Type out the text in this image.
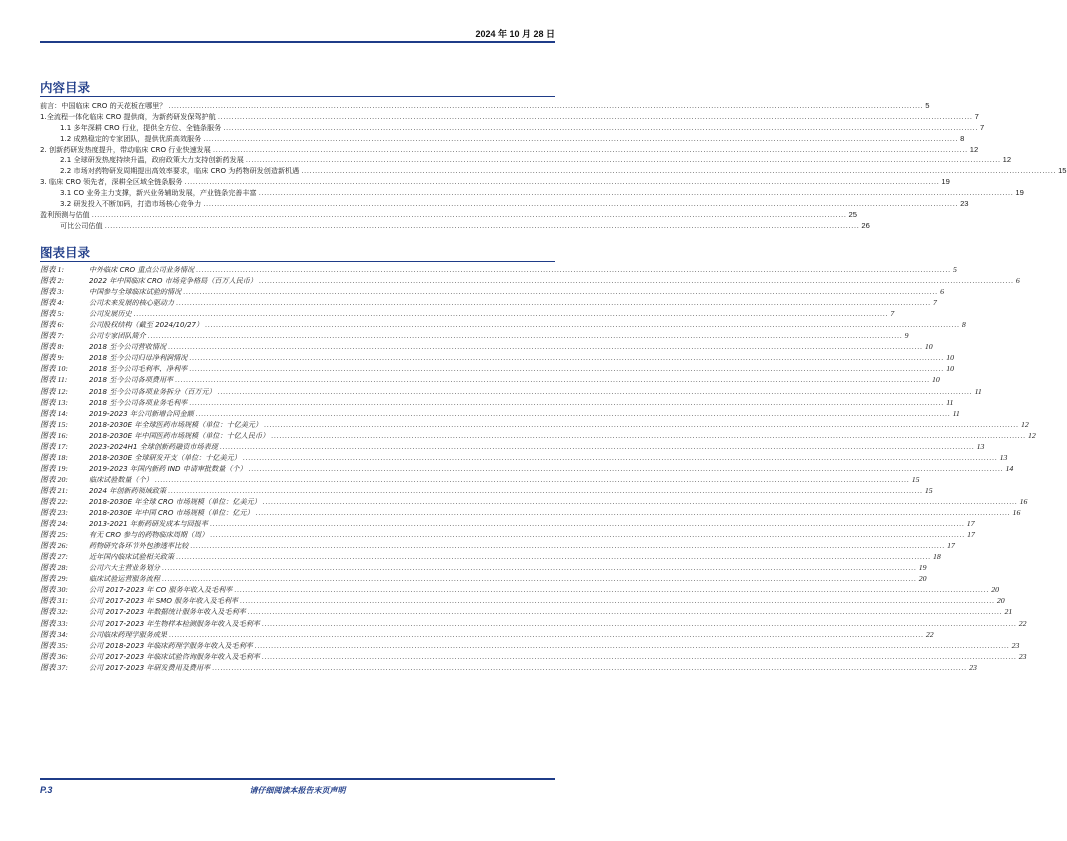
2024 年 10 月 28 日
内容目录
前言：中国临床 CRO 的天花板在哪里？ .....	5
1.全流程一体化临床 CRO 提供商，为新药研发保驾护航 .....	7
1.1 多年深耕 CRO 行业，提供全方位、全链条服务 .....	7
1.2 成熟稳定的专家团队，提供优质高效服务 .....	8
2. 创新药研发热度提升，带动临床 CRO 行业快速发展 .....	12
2.1 全球研发热度持续升温，政府政策大力支持创新药发展 .....	12
2.2 市场对药物研发周期提出高效率要求，临床 CRO 为药物研发创造新机遇 .....	15
3. 临床 CRO 领先者，深耕全区域全链条服务 .....	19
3.1 CO 业务主力支撑，新兴业务辅助发展，产业链条完善丰富 .....	19
3.2 研发投入不断加码，打造市场核心竞争力 .....	23
盈利预测与估值 .....	25
可比公司估值 .....	26
图表目录
图表 1:	中外临床 CRO 重点公司业务情况 .....	5
图表 2:	2022 年中国临床 CRO 市场竞争格局（百万人民币） .....	6
图表 3:	中国参与全球临床试验的情况 .....	6
图表 4:	公司未来发展的核心驱动力 .....	7
图表 5:	公司发展历史 .....	7
图表 6:	公司股权结构（截至 2024/10/27） .....	8
图表 7:	公司专家团队简介 .....	9
图表 8:	2018 至今公司营收情况 .....	10
图表 9:	2018 至今公司归母净利润情况 .....	10
图表 10:	2018 至今公司毛利率、净利率 .....	10
图表 11:	2018 至今公司各项费用率 .....	10
图表 12:	2018 至今公司各项业务拆分（百万元） .....	11
图表 13:	2018 至今公司各项业务毛利率 .....	11
图表 14:	2019-2023 年公司新增合同金额 .....	11
图表 15:	2018-2030E 年全球医药市场规模（单位：十亿美元） .....	12
图表 16:	2018-2030E 年中国医药市场规模（单位：十亿人民币） .....	12
图表 17:	2023-2024H1 全球创新药融资市场表现 .....	13
图表 18:	2018-2030E 全球研发开支（单位：十亿美元） .....	13
图表 19:	2019-2023 年国内新药 IND 申请审批数量（个） .....	14
图表 20:	临床试验数量（个） .....	15
图表 21:	2024 年创新药领域政策 .....	15
图表 22:	2018-2030E 年全球 CRO 市场规模（单位：亿美元） .....	16
图表 23:	2018-2030E 年中国 CRO 市场规模（单位：亿元） .....	16
图表 24:	2013-2021 年新药研发成本与回报率 .....	17
图表 25:	有无 CRO 参与的药物临床周期（周） .....	17
图表 26:	药物研究各环节外包渗透率比较 .....	17
图表 27:	近年国内临床试验相关政策 .....	18
图表 28:	公司六大主营业务划分 .....	19
图表 29:	临床试验运营服务流程 .....	20
图表 30:	公司 2017-2023 年 CO 服务年收入及毛利率 .....	20
图表 31:	公司 2017-2023 年 SMO 服务年收入及毛利率 .....	20
图表 32:	公司 2017-2023 年数据统计服务年收入及毛利率 .....	21
图表 33:	公司 2017-2023 年生物样本检测服务年收入及毛利率 .....	22
图表 34:	公司临床药理学服务成果 .....	22
图表 35:	公司 2018-2023 年临床药理学服务年收入及毛利率 .....	23
图表 36:	公司 2017-2023 年临床试验咨询服务年收入及毛利率 .....	23
图表 37:	公司 2017-2023 年研发费用及费用率 .....	23
P.3	请仔细阅读本报告末页声明
